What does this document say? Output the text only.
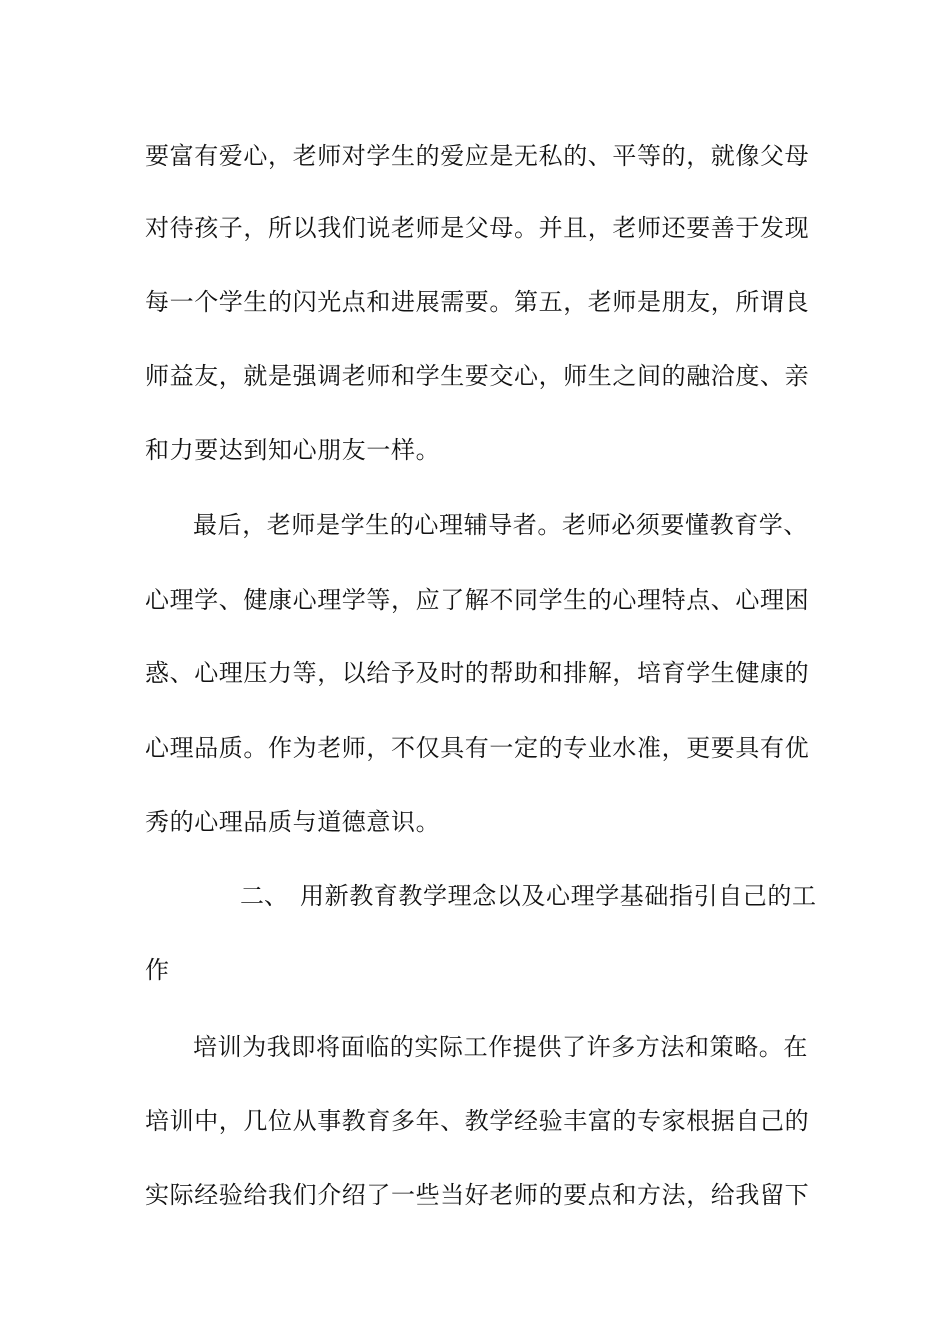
要富有爱心，老师对学生的爱应是无私的、平等的，就像父母
对待孩子，所以我们说老师是父母。并且，老师还要善于发现
每一个学生的闪光点和进展需要。第五，老师是朋友，所谓良
师益友，就是强调老师和学生要交心，师生之间的融洽度、亲
和力要达到知心朋友一样。
最后，老师是学生的心理辅导者。老师必须要懂教育学、
心理学、健康心理学等，应了解不同学生的心理特点、心理困
惑、心理压力等，以给予及时的帮助和排解，培育学生健康的
心理品质。作为老师，不仅具有一定的专业水准，更要具有优
秀的心理品质与道德意识。
二、 用新教育教学理念以及心理学基础指引自己的工
作
培训为我即将面临的实际工作提供了许多方法和策略。在
培训中，几位从事教育多年、教学经验丰富的专家根据自己的
实际经验给我们介绍了一些当好老师的要点和方法，给我留下
